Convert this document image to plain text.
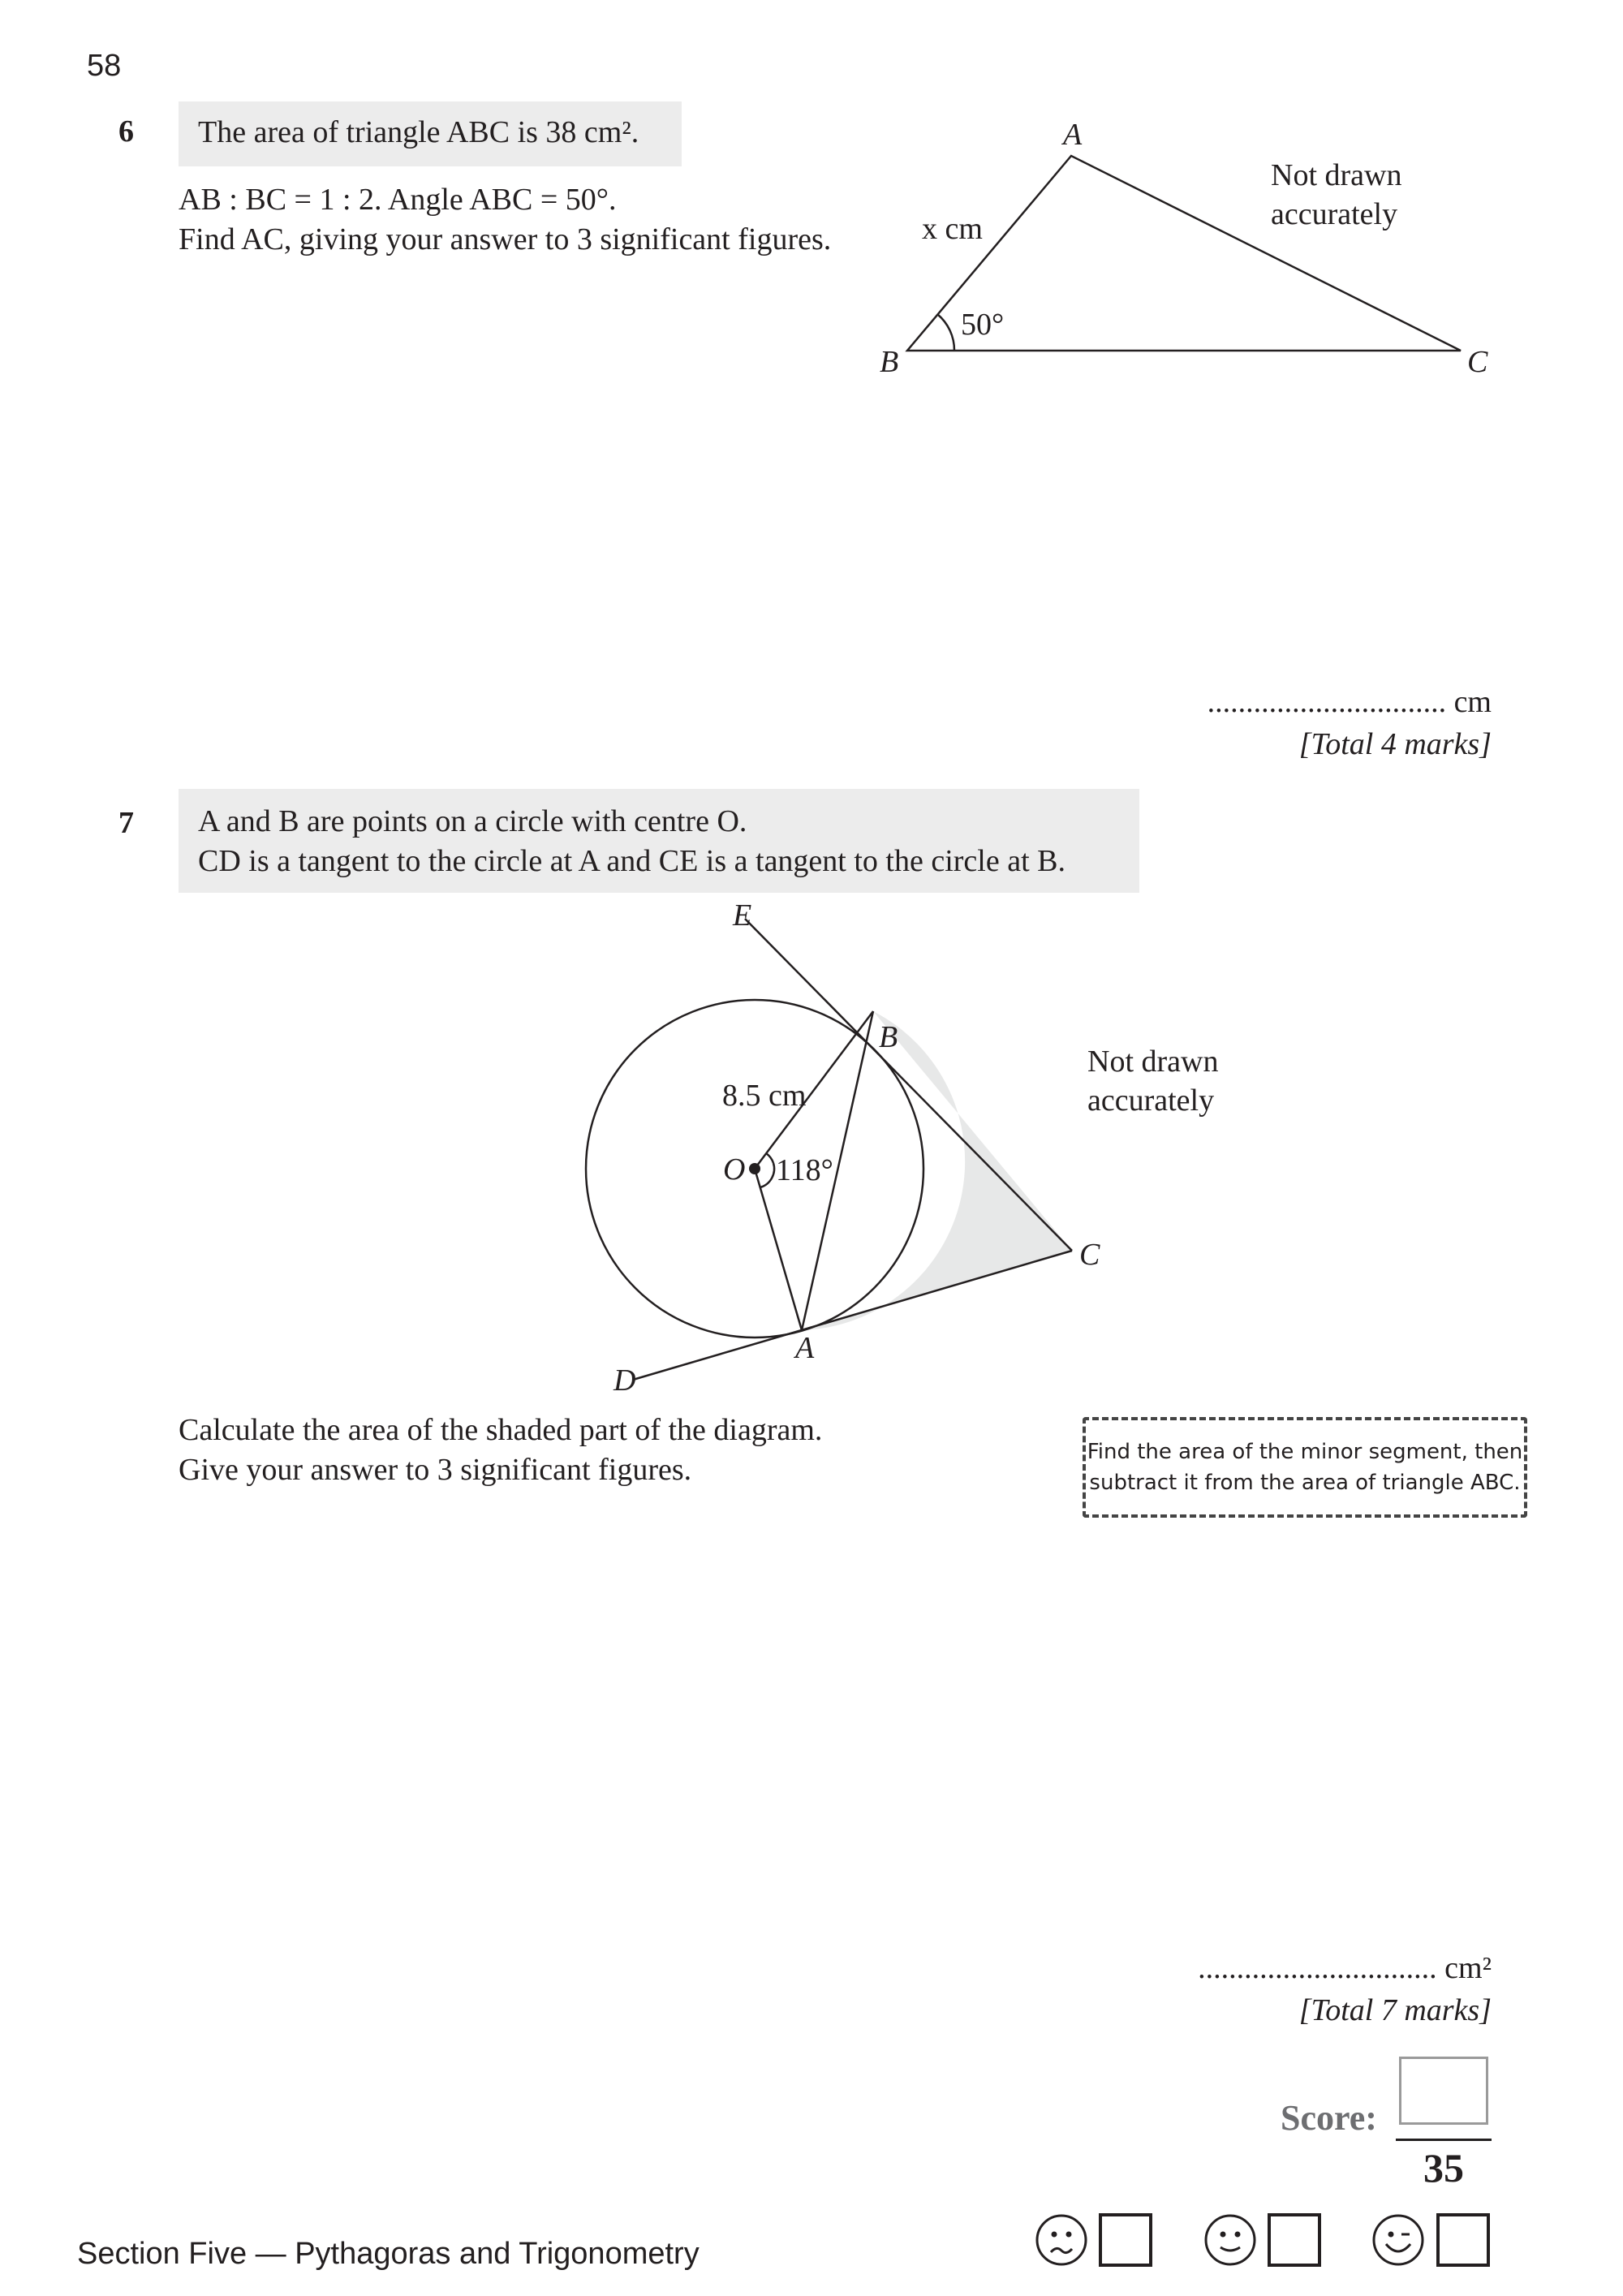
58
6	The area of triangle ABC is 38 cm².
AB : BC = 1 : 2. Angle ABC = 50°.
Find AC, giving your answer to 3 significant figures.
A
B	C
x cm
50°
Not drawn
accurately
............................... cm
[Total 4 marks]
7 A and B are points on a circle with centre O.
CD is a tangent to the circle at A and CE is a tangent to the circle at B.
E
B
O
C
A
D
8.5 cm
118°
Not drawn
accurately
Calculate the area of the shaded part of the diagram.
Give your answer to 3 significant figures.
Find the area of the minor segment, then
subtract it from the area of triangle ABC.
............................... cm²
[Total 7 marks]
Score:
35
Section Five — Pythagoras and Trigonometry
